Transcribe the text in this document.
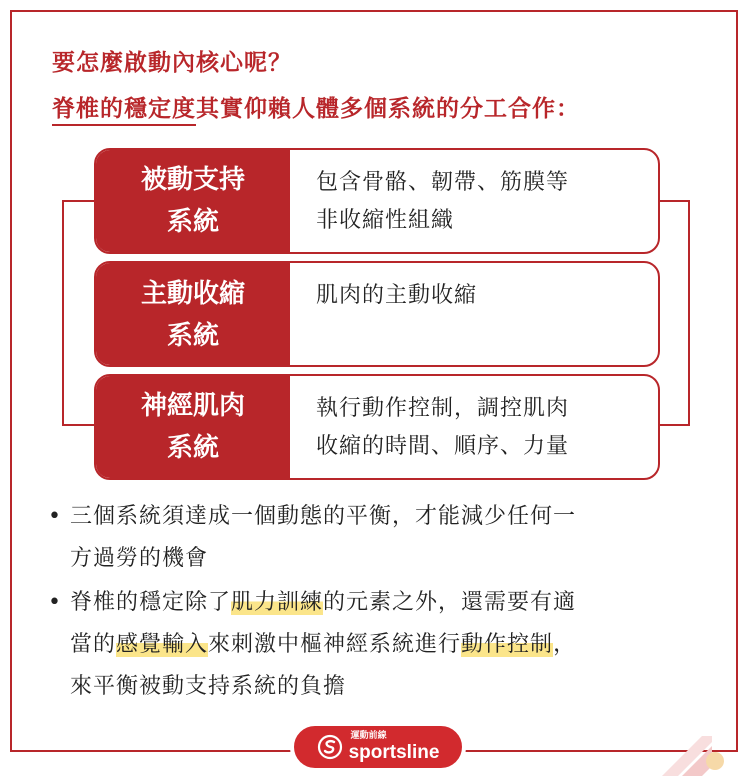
要怎麼啟動內核心呢？
脊椎的穩定度其實仰賴人體多個系統的分工合作：
被動支持
系統
包含骨骼、韌帶、筋膜等
非收縮性組織
主動收縮
系統
肌肉的主動收縮
神經肌肉
系統
執行動作控制，調控肌肉
收縮的時間、順序、力量
• 三個系統須達成一個動態的平衡，才能減少任何一
方過勞的機會
• 脊椎的穩定除了肌力訓練的元素之外，還需要有適
當的感覺輸入來刺激中樞神經系統進行動作控制，
來平衡被動支持系統的負擔
運動前線
sportsline
